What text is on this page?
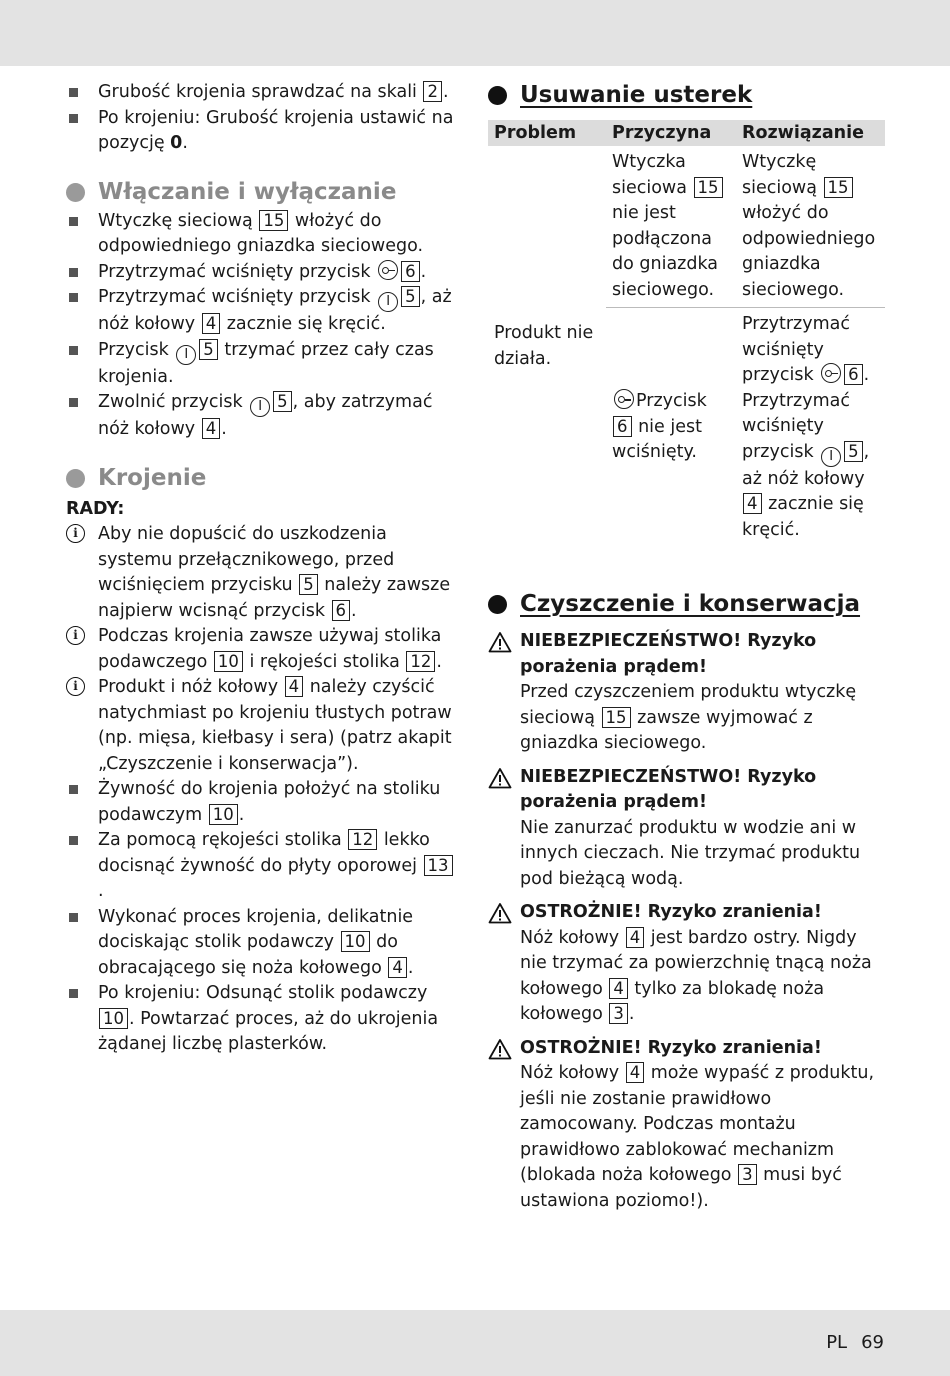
Grubość krojenia sprawdzać na skali 2 .
Po krojeniu: Grubość krojenia ustawić na pozycję 0.
Włączanie i wyłączanie
Wtyczkę sieciową 15 włożyć do odpowiedniego gniazdka sieciowego.
Przytrzymać wciśnięty przycisk 6 .
Przytrzymać wciśnięty przycisk I 5 , aż nóż kołowy 4 zacznie się kręcić.
Przycisk I 5 trzymać przez cały czas krojenia.
Zwolnić przycisk I 5 , aby zatrzymać nóż kołowy 4 .
Krojenie
RADY:
i	Aby nie dopuścić do uszkodzenia systemu przełącznikowego, przed wciśnięciem przycisku 5 należy zawsze najpierw wcisnąć przycisk 6 .
i	Podczas krojenia zawsze używaj stolika podawczego 10 i rękojeści stolika 12 .
i	Produkt i nóż kołowy 4 należy czyścić natychmiast po krojeniu tłustych potraw (np. mięsa, kiełbasy i sera) (patrz akapit „Czyszczenie i konserwacja”).
Żywność do krojenia położyć na stoliku podawczym 10 .
Za pomocą rękojeści stolika 12 lekko docisnąć żywność do płyty oporowej 13.
Wykonać proces krojenia, delikatnie dociskając stolik podawczy 10 do obracającego się noża kołowego 4 .
Po krojeniu: Odsunąć stolik podawczy 10 . Powtarzać proces, aż do ukrojenia żądanej liczbę plasterków.
Usuwanie usterek
Problem	Przyczyna	Rozwiązanie
Produkt nie działa.	Wtyczka sieciowa 15 nie jest podłączona do gniazdka sieciowego.	Wtyczkę sieciową 15 włożyć do odpowiedniego gniazdka sieciowego.
	Przycisk 6 nie jest wciśnięty.	Przytrzymać wciśnięty przycisk 6 . Przytrzymać wciśnięty przycisk I 5 , aż nóż kołowy 4 zacznie się kręcić.
Czyszczenie i konserwacja
NIEBEZPIECZEŃSTWO! Ryzyko porażenia prądem!
Przed czyszczeniem produktu wtyczkę sieciową 15 zawsze wyjmować z gniazdka sieciowego.
NIEBEZPIECZEŃSTWO! Ryzyko porażenia prądem!
Nie zanurzać produktu w wodzie ani w innych cieczach. Nie trzymać produktu pod bieżącą wodą.
OSTROŻNIE! Ryzyko zranienia!
Nóż kołowy 4 jest bardzo ostry. Nigdy nie trzymać za powierzchnię tnącą noża kołowego 4 tylko za blokadę noża kołowego 3 .
OSTROŻNIE! Ryzyko zranienia!
Nóż kołowy 4 może wypaść z produktu, jeśli nie zostanie prawidłowo zamocowany. Podczas montażu prawidłowo zablokować mechanizm (blokada noża kołowego 3 musi być ustawiona poziomo!).
PL 69
